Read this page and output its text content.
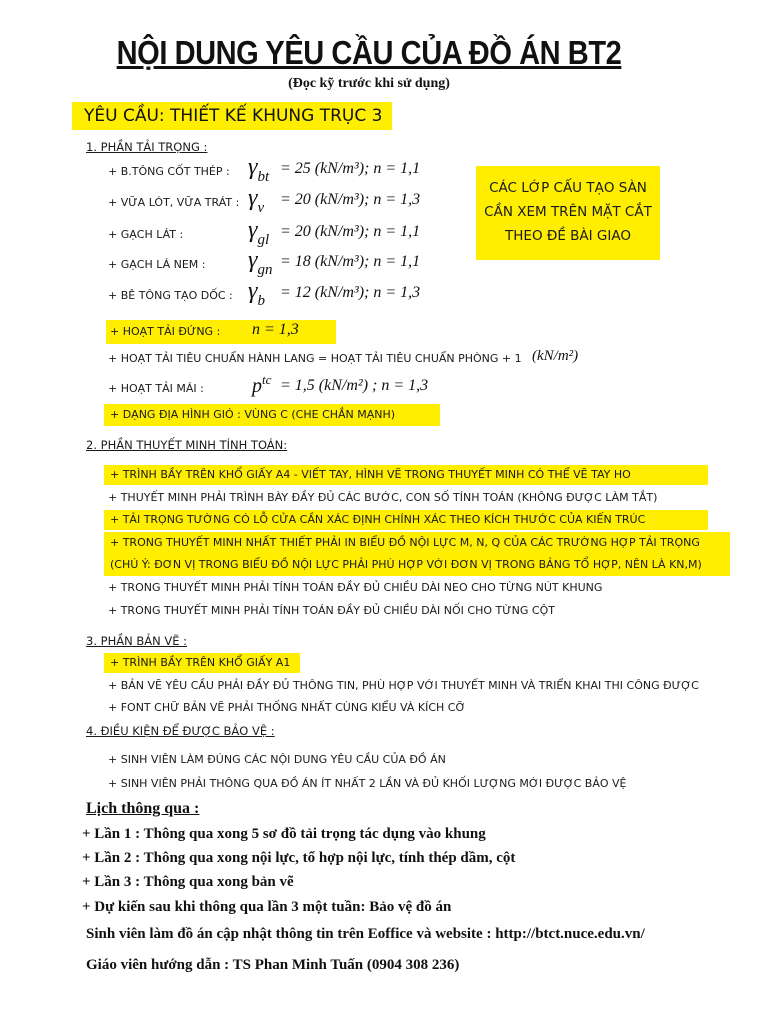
NỘI DUNG YÊU CẦU CỦA ĐỒ ÁN BT2
(Đọc kỹ trước khi sử dụng)
YÊU CẦU: THIẾT KẾ KHUNG TRỤC 3
1. PHẦN TẢI TRỌNG :
+ B.TÔNG CỐT THÉP : $\gamma_{bt} = 25$ (kN/m³); n = 1,1
+ VỮA LÓT, VỮA TRÁT : $\gamma_v = 20$ (kN/m³); n = 1,3
+ GẠCH LÁT :	$\gamma_{gl} = 20$ (kN/m³); n = 1,1
+ GẠCH LÁ NEM : $\gamma_{gn} = 18$ (kN/m³); n = 1,1
+ BÊ TÔNG TẠO DỐC : $\gamma_b = 12$ (kN/m³); n = 1,3
CÁC LỚP CẤU TẠO SÀN
CẦN XEM TRÊN MẶT CẮT
THEO ĐỀ BÀI GIAO
+ HOẠT TẢI ĐỨNG : n = 1,3
+ HOẠT TẢI TIÊU CHUẨN HÀNH LANG = HOẠT TẢI TIÊU CHUẨN PHÒNG + 1 (kN/m²)
+ HOẠT TẢI MÁI : $p^{tc} = 1,5$ (kN/m²) ; n = 1,3
+ DẠNG ĐỊA HÌNH GIÓ : VÙNG C (CHE CHẮN MẠNH)
2. PHẦN THUYẾT MINH TÍNH TOÁN:
+ TRÌNH BẦY TRÊN KHỔ GIẤY A4 - VIẾT TAY, HÌNH VẼ TRONG THUYẾT MINH CÓ THỂ VẼ TAY HO
+ THUYẾT MINH PHẢI TRÌNH BÀY ĐẦY ĐỦ CÁC BƯỚC, CON SỐ TÍNH TOÁN (KHÔNG ĐƯỢC LÀM TẮT)
+ TẢI TRỌNG TƯỜNG CÓ LỖ CỬA CẦN XÁC ĐỊNH CHÍNH XÁC THEO KÍCH THƯỚC CỦA KIẾN TRÚC
+ TRONG THUYẾT MINH NHẤT THIẾT PHẢI IN BIỂU ĐỒ NỘI LỰC M, N, Q CỦA CÁC TRƯỜNG HỢP TẢI TRỌNG
(CHÚ Ý: ĐƠN VỊ TRONG BIỂU ĐỒ NỘI LỰC PHẢI PHÙ HỢP VỚI ĐƠN VỊ TRONG BẢNG TỔ HỢP, NÊN LÀ KN,M)
+ TRONG THUYẾT MINH PHẢI TÍNH TOÁN ĐẦY ĐỦ CHIỀU DÀI NEO CHO TỪNG NÚT KHUNG
+ TRONG THUYẾT MINH PHẢI TÍNH TOÁN ĐẦY ĐỦ CHIỀU DÀI NỐI CHO TỪNG CỘT
3. PHẦN BẢN VẼ :
+ TRÌNH BẦY TRÊN KHỔ GIẤY A1
+ BẢN VẼ YÊU CẦU PHẢI ĐẦY ĐỦ THÔNG TIN, PHÙ HỢP VỚI THUYẾT MINH VÀ TRIỂN KHAI THI CÔNG ĐƯỢC
+ FONT CHỮ BẢN VẼ PHẢI THỐNG NHẤT CÙNG KIỂU VÀ KÍCH CỠ
4. ĐIỀU KIỆN ĐỂ ĐƯỢC BẢO VỆ :
+ SINH VIÊN LÀM ĐÚNG CÁC NỘI DUNG YÊU CẦU CỦA ĐỒ ÁN
+ SINH VIÊN PHẢI THÔNG QUA ĐỒ ÁN ÍT NHẤT 2 LẦN VÀ ĐỦ KHỐI LƯỢNG MỚI ĐƯỢC BẢO VỆ
Lịch thông qua :
+ Lần 1 : Thông qua xong 5 sơ đồ tải trọng tác dụng vào khung
+ Lần 2 : Thông qua xong nội lực, tổ hợp nội lực, tính thép dầm, cột
+ Lần 3 : Thông qua xong bản vẽ
+ Dự kiến sau khi thông qua lần 3 một tuần: Bảo vệ đồ án
Sinh viên làm đồ án cập nhật thông tin trên Eoffice và website : http://btct.nuce.edu.vn/
Giáo viên hướng dẫn : TS Phan Minh Tuấn (0904 308 236)
